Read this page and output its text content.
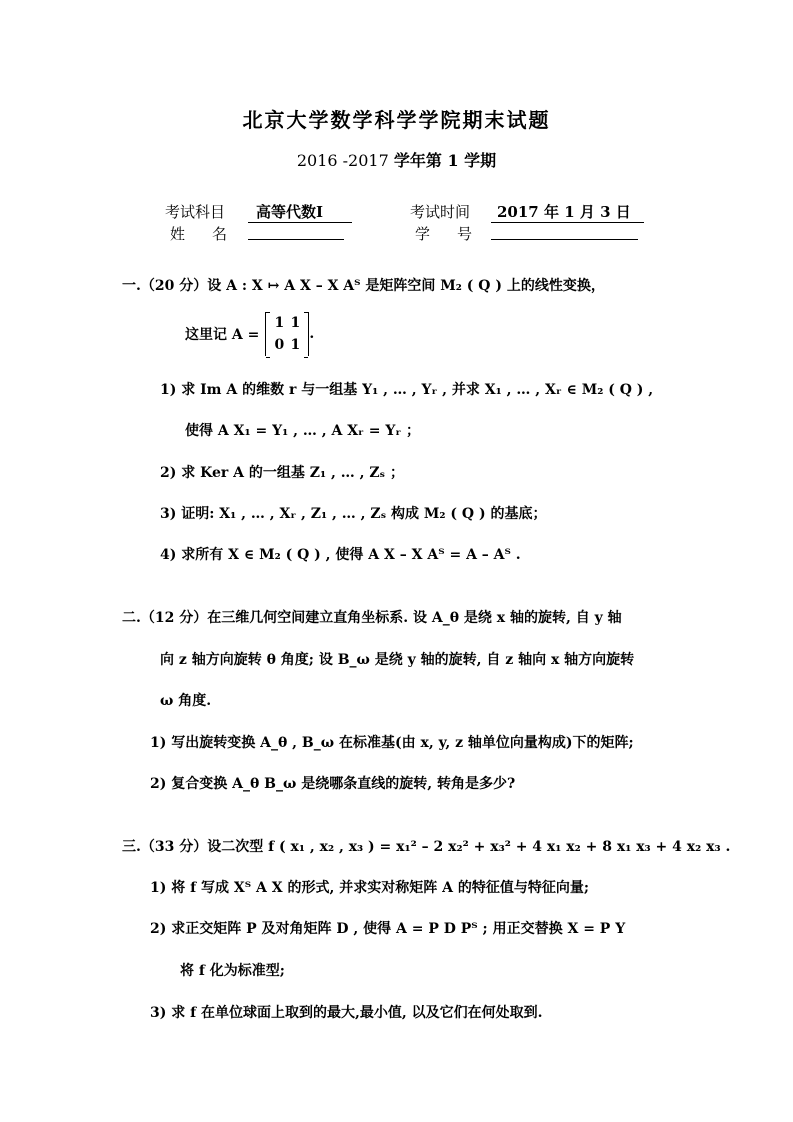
北京大学数学科学学院期末试题
2016 -2017 学年第 1 学期
考试科目	高等代数I	考试时间	2017 年 1 月 3 日
姓　名	学　号
一.（20 分）设 A : X ↦ A X – X Aᵀ 是矩阵空间 M₂ ( Q ) 上的线性变换，
这里记 A =
1 1
0 1
.
1) 求 Im A 的维数 r 与一组基 Y₁ , … , Yᵣ , 并求 X₁ , … , Xᵣ ∈ M₂ ( Q ) ,
使得 A X₁ = Y₁ , … , A Xᵣ = Yᵣ ；
2) 求 Ker A 的一组基 Z₁ , … , Zₛ ；
3) 证明: X₁ , … , Xᵣ , Z₁ , … , Zₛ 构成 M₂ ( Q ) 的基底；
4) 求所有 X ∈ M₂ ( Q ) , 使得 A X – X Aᵀ = A – Aᵀ .
二.（12 分）在三维几何空间建立直角坐标系. 设 A_θ 是绕 x 轴的旋转, 自 y 轴
向 z 轴方向旋转 θ 角度; 设 B_ω 是绕 y 轴的旋转, 自 z 轴向 x 轴方向旋转
ω 角度.
1) 写出旋转变换 A_θ , B_ω 在标准基(由 x, y, z 轴单位向量构成)下的矩阵;
2) 复合变换 A_θ B_ω 是绕哪条直线的旋转, 转角是多少?
三.（33 分）设二次型 f ( x₁ , x₂ , x₃ ) = x₁² – 2 x₂² + x₃² + 4 x₁ x₂ + 8 x₁ x₃ + 4 x₂ x₃ .
1) 将 f 写成 Xᵀ A X 的形式, 并求实对称矩阵 A 的特征值与特征向量;
2) 求正交矩阵 P 及对角矩阵 D , 使得 A = P D Pᵀ ; 用正交替换 X = P Y
将 f 化为标准型;
3) 求 f 在单位球面上取到的最大,最小值, 以及它们在何处取到.
